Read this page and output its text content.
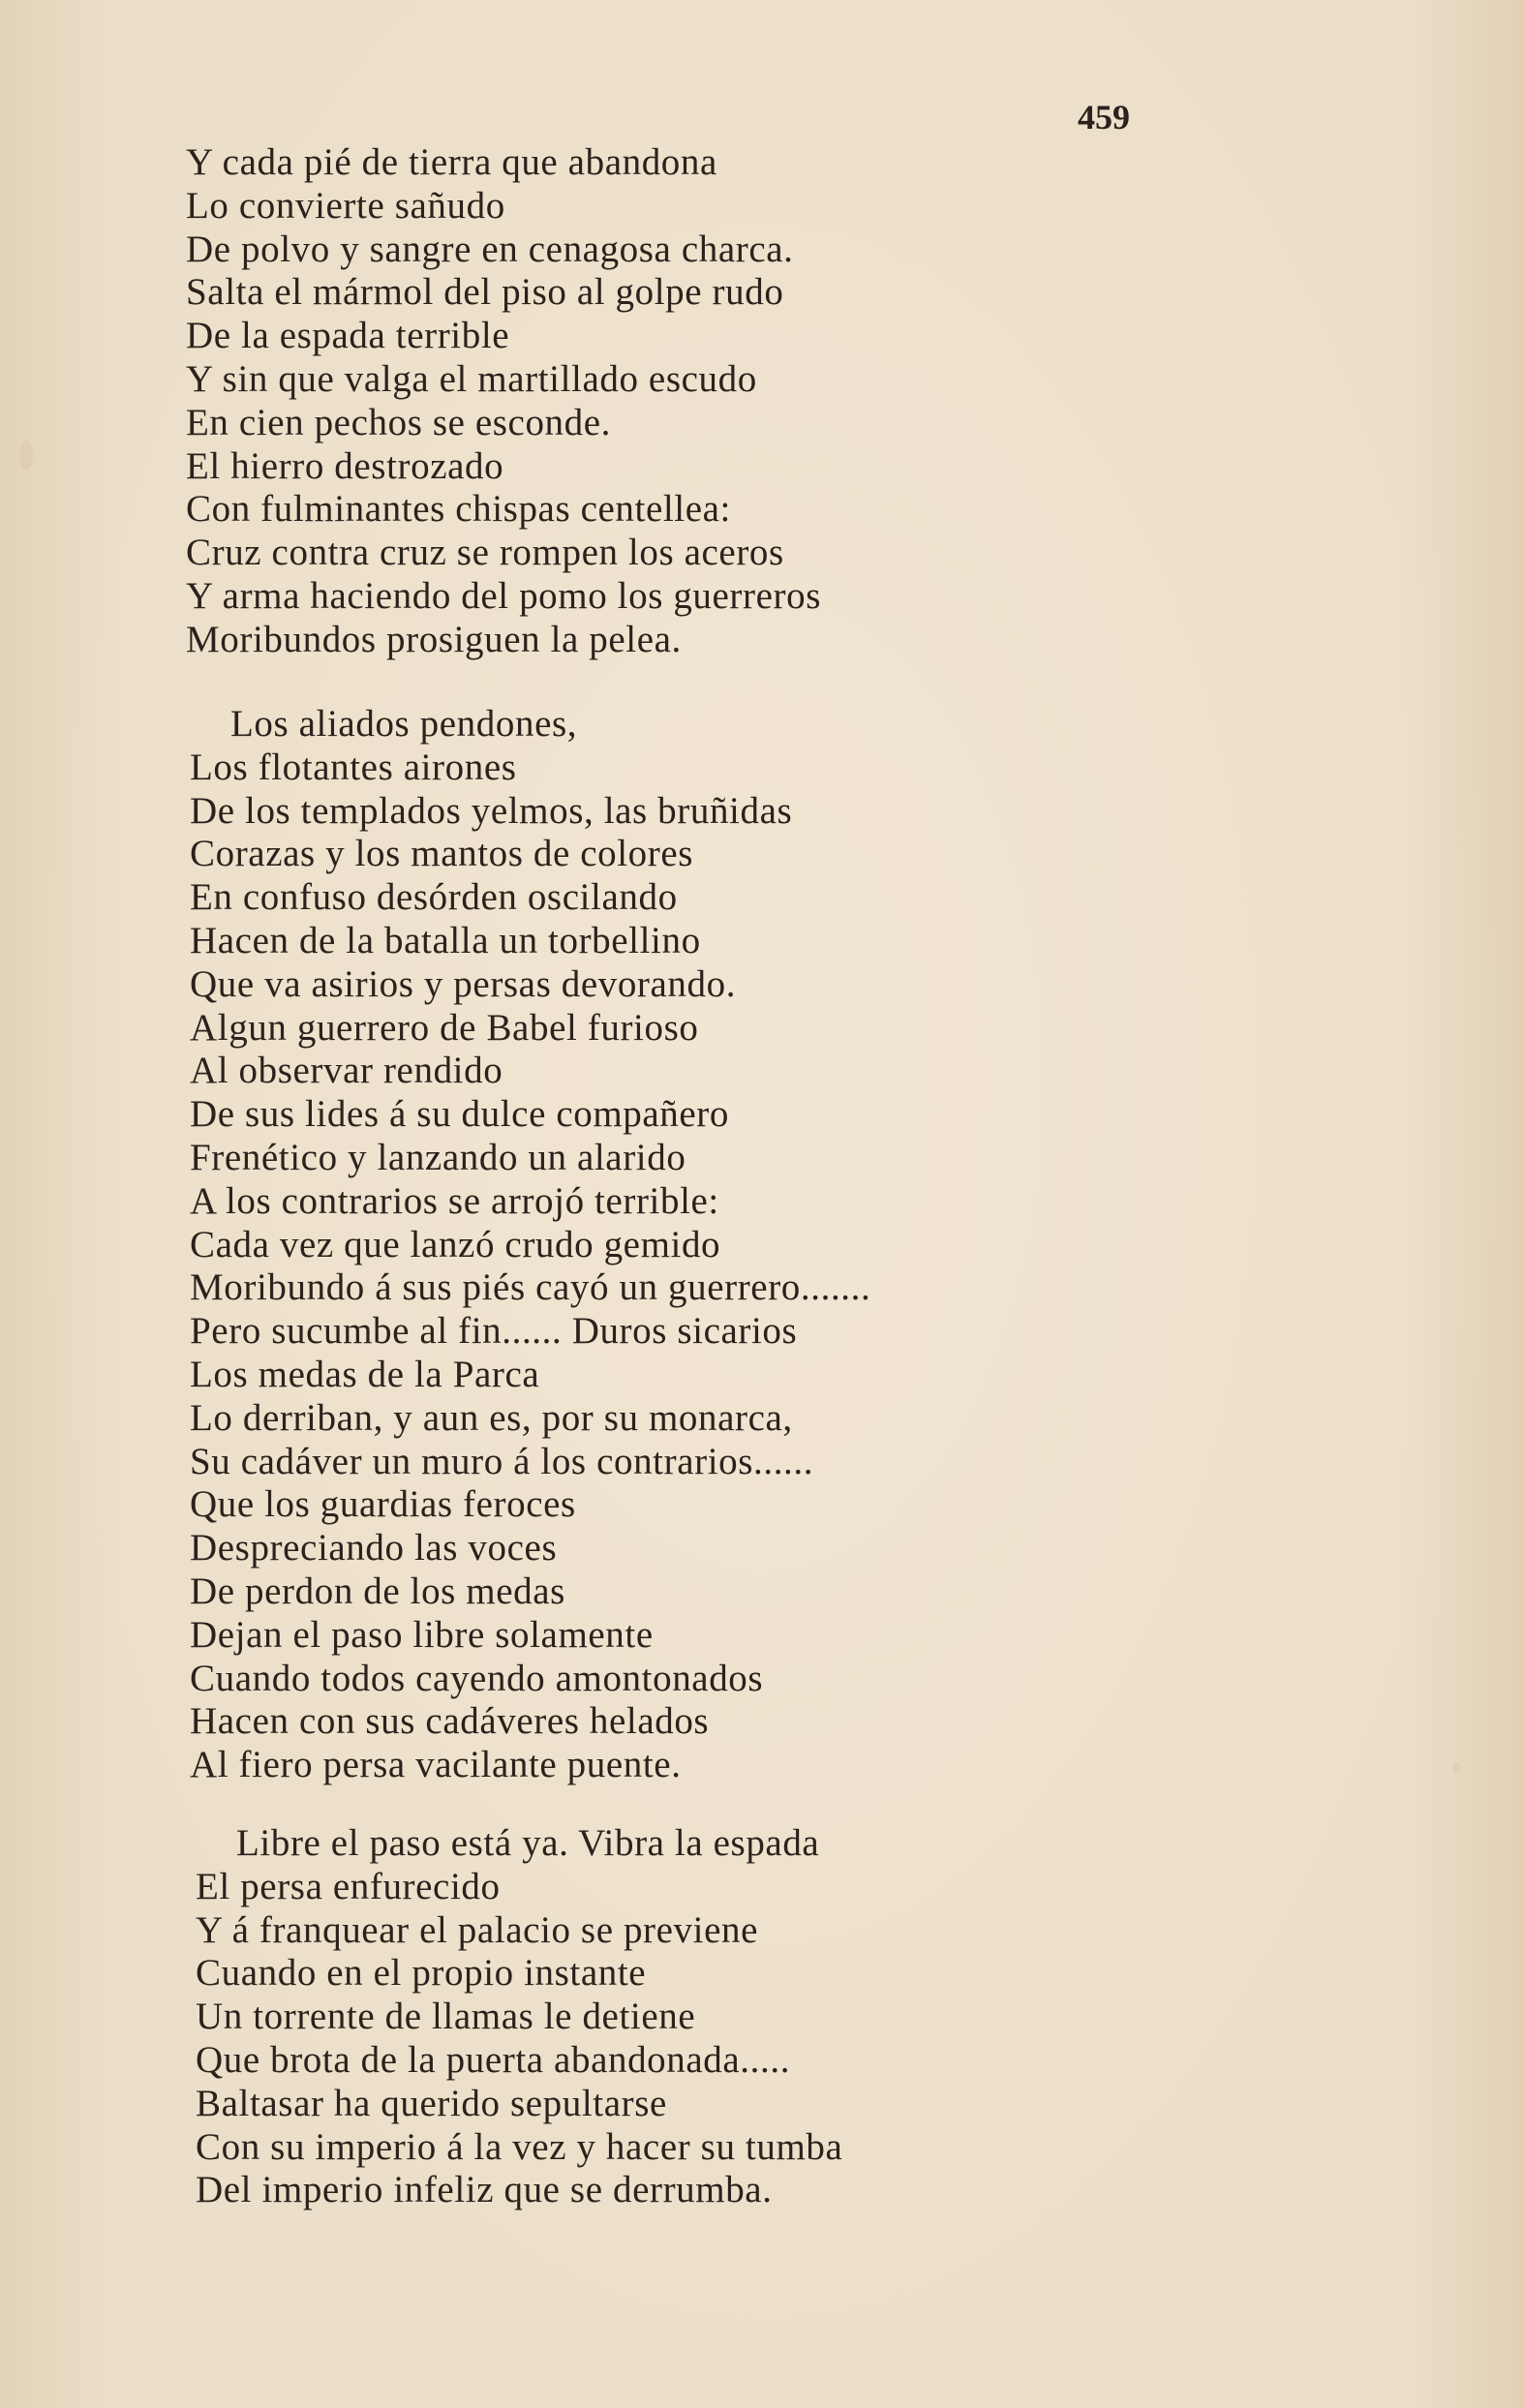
459
Y cada pié de tierra que abandona
Lo convierte sañudo
De polvo y sangre en cenagosa charca.
Salta el mármol del piso al golpe rudo
De la espada terrible
Y sin que valga el martillado escudo
En cien pechos se esconde.
El hierro destrozado
Con fulminantes chispas centellea:
Cruz contra cruz se rompen los aceros
Y arma haciendo del pomo los guerreros
Moribundos prosiguen la pelea.
Los aliados pendones,
Los flotantes airones
De los templados yelmos, las bruñidas
Corazas y los mantos de colores
En confuso desórden oscilando
Hacen de la batalla un torbellino
Que va asirios y persas devorando.
Algun guerrero de Babel furioso
Al observar rendido
De sus lides á su dulce compañero
Frenético y lanzando un alarido
A los contrarios se arrojó terrible:
Cada vez que lanzó crudo gemido
Moribundo á sus piés cayó un guerrero.......
Pero sucumbe al fin...... Duros sicarios
Los medas de la Parca
Lo derriban, y aun es, por su monarca,
Su cadáver un muro á los contrarios......
Que los guardias feroces
Despreciando las voces
De perdon de los medas
Dejan el paso libre solamente
Cuando todos cayendo amontonados
Hacen con sus cadáveres helados
Al fiero persa vacilante puente.
Libre el paso está ya. Vibra la espada
El persa enfurecido
Y á franquear el palacio se previene
Cuando en el propio instante
Un torrente de llamas le detiene
Que brota de la puerta abandonada.....
Baltasar ha querido sepultarse
Con su imperio á la vez y hacer su tumba
Del imperio infeliz que se derrumba.
